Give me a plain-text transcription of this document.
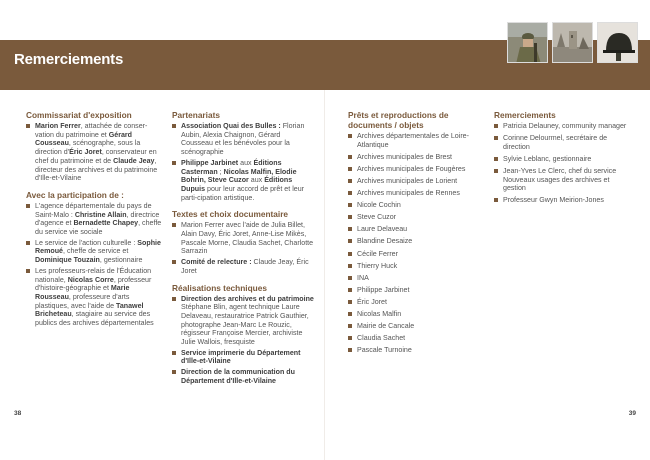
Remerciements
Commissariat d'exposition
Marion Ferrer, attachée de conser-vation du patrimoine et Gérard Cousseau, scénographe, sous la direction d'Éric Joret, conservateur en chef du patrimoine et de Claude Jeay, directeur des archives et du patrimoine d'Ille-et-Vilaine
Avec la participation de :
L'agence départementale du pays de Saint-Malo : Christine Allain, directrice d'agence et Bernadette Chapey, cheffe du service vie sociale
Le service de l'action culturelle : Sophie Remoué, cheffe de service et Dominique Touzain, gestionnaire
Les professeurs-relais de l'Éducation nationale, Nicolas Corre, professeur d'histoire-géographie et Marie Rousseau, professeure d'arts plastiques, avec l'aide de Tanawel Bricheteau, stagiaire au service des publics des archives départementales
Partenariats
Association Quai des Bulles : Florian Aubin, Alexia Chaignon, Gérard Cousseau et les bénévoles pour la scénographie
Philippe Jarbinet aux Éditions Casterman ; Nicolas Malfin, Elodie Bohrin, Steve Cuzor aux Éditions Dupuis pour leur accord de prêt et leur parti-cipation artistique.
Textes et choix documentaire
Marion Ferrer avec l'aide de Julia Billet, Alain Davy, Éric Joret, Anne-Lise Mikès, Pascale Morne, Claudia Sachet, Charlotte Sarrazin
Comité de relecture : Claude Jeay, Éric Joret
Réalisations techniques
Direction des archives et du patrimoine Stéphane Blin, agent technique Laure Delaveau, restauratrice Patrick Gauthier, photographe Jean-Marc Le Rouzic, régisseur Françoise Mercier, archiviste Julie Wallois, fresquiste
Service imprimerie du Département d'Ille-et-Vilaine
Direction de la communication du Département d'Ille-et-Vilaine
Prêts et reproductions de
documents / objets
Archives départementales de Loire-Atlantique
Archives municipales de Brest
Archives municipales de Fougères
Archives municipales de Lorient
Archives municipales de Rennes
Nicole Cochin
Steve Cuzor
Laure Delaveau
Blandine Desaize
Cécile Ferrer
Thierry Huck
INA
Philippe Jarbinet
Éric Joret
Nicolas Malfin
Mairie de Cancale
Claudia Sachet
Pascale Turnoine
Remerciements
Patricia Delauney, community manager
Corinne Delourmel, secrétaire de direction
Sylvie Leblanc, gestionnaire
Jean-Yves Le Clerc, chef du service Nouveaux usages des archives et gestion
Professeur Gwyn Meirion-Jones
38	39
